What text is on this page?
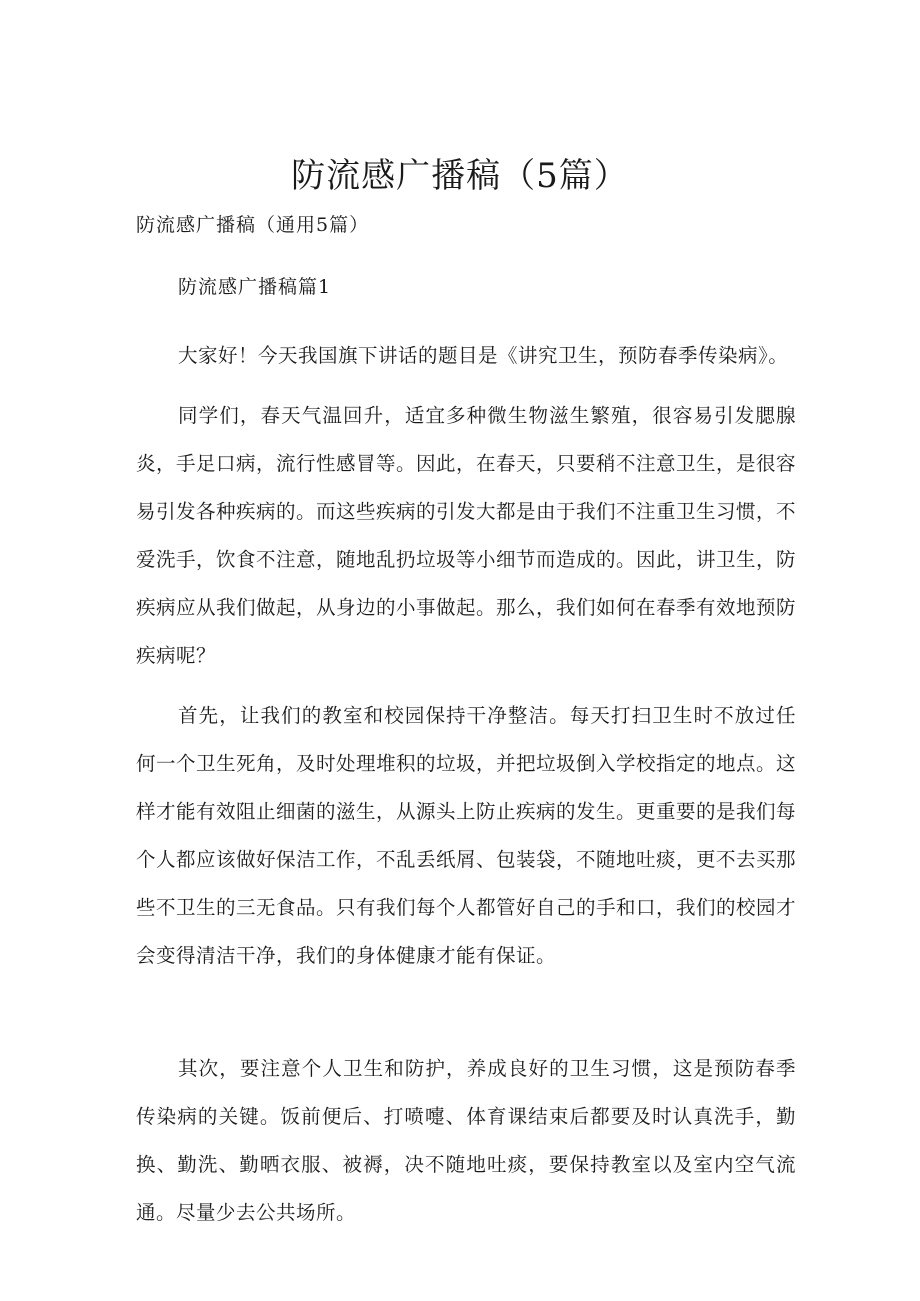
防流感广播稿（5篇）

防流感广播稿（通用5篇）

防流感广播稿篇1

大家好！今天我国旗下讲话的题目是《讲究卫生，预防春季传染病》。

同学们，春天气温回升，适宜多种微生物滋生繁殖，很容易引发腮腺炎，手足口病，流行性感冒等。因此，在春天，只要稍不注意卫生，是很容易引发各种疾病的。而这些疾病的引发大都是由于我们不注重卫生习惯，不爱洗手，饮食不注意，随地乱扔垃圾等小细节而造成的。因此，讲卫生，防疾病应从我们做起，从身边的小事做起。那么，我们如何在春季有效地预防疾病呢？

首先，让我们的教室和校园保持干净整洁。每天打扫卫生时不放过任何一个卫生死角，及时处理堆积的垃圾，并把垃圾倒入学校指定的地点。这样才能有效阻止细菌的滋生，从源头上防止疾病的发生。更重要的是我们每个人都应该做好保洁工作，不乱丢纸屑、包装袋，不随地吐痰，更不去买那些不卫生的三无食品。只有我们每个人都管好自己的手和口，我们的校园才会变得清洁干净，我们的身体健康才能有保证。

其次，要注意个人卫生和防护，养成良好的卫生习惯，这是预防春季传染病的关键。饭前便后、打喷嚏、体育课结束后都要及时认真洗手，勤换、勤洗、勤晒衣服、被褥，决不随地吐痰，要保持教室以及室内空气流通。尽量少去公共场所。
